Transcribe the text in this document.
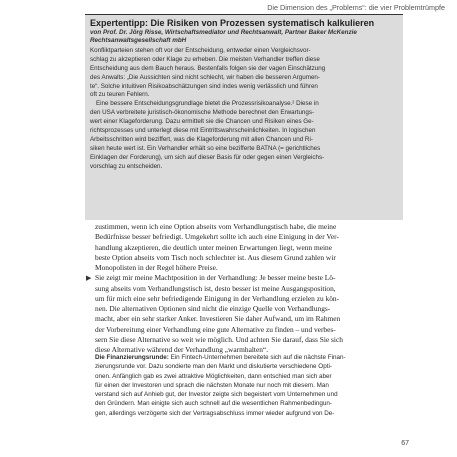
Die Dimension des „Problems“: die vier Problemtrümpfe
Expertentipp: Die Risiken von Prozessen systematisch kalkulieren
von Prof. Dr. Jörg Risse, Wirtschaftsmediator und Rechtsanwalt, Partner Baker McKenzie Rechtsanwaltsgesellschaft mbH
Konfliktparteien stehen oft vor der Entscheidung, entweder einen Vergleichsvor-
schlag zu akzeptieren oder Klage zu erheben. Die meisten Verhandler treffen diese
Entscheidung aus dem Bauch heraus. Bestenfalls folgen sie der vagen Einschätzung
des Anwalts: „Die Aussichten sind nicht schlecht, wir haben die besseren Argumen-
te“. Solche intuitiven Risikoabschätzungen sind indes wenig verlässlich und führen
oft zu teuren Fehlern.
Eine bessere Entscheidungsgrundlage bietet die Prozessrisikoanalyse.² Diese in
den USA verbreitete juristisch-ökonomische Methode berechnet den Erwartungs-
wert einer Klageforderung. Dazu ermittelt sie die Chancen und Risiken eines Ge-
richtsprozesses und unterlegt diese mit Eintrittswahrscheinlichkeiten. In logischen
Arbeitsschritten wird beziffert, was die Klageforderung mit allen Chancen und Ri-
siken heute wert ist. Ein Verhandler erhält so eine bezifferte BATNA (= gerichtliches
Einklagen der Forderung), um sich auf dieser Basis für oder gegen einen Vergleichs-
vorschlag zu entscheiden.
zustimmen, wenn ich eine Option abseits vom Verhandlungstisch habe, die meine
Bedürfnisse besser befriedigt. Umgekehrt sollte ich auch eine Einigung in der Ver-
handlung akzeptieren, die deutlich unter meinen Erwartungen liegt, wenn meine
beste Option abseits vom Tisch noch schlechter ist. Aus diesem Grund zahlen wir
Monopolisten in der Regel höhere Preise.
▶ Sie zeigt mir meine Machtposition in der Verhandlung: Je besser meine beste Lö-
sung abseits vom Verhandlungstisch ist, desto besser ist meine Ausgangsposition,
um für mich eine sehr befriedigende Einigung in der Verhandlung erzielen zu kön-
nen. Die alternativen Optionen sind nicht die einzige Quelle von Verhandlungs-
macht, aber ein sehr starker Anker. Investieren Sie daher Aufwand, um im Rahmen
der Vorbereitung einer Verhandlung eine gute Alternative zu finden – und verbes-
sern Sie diese Alternative so weit wie möglich. Und achten Sie darauf, dass Sie sich
diese Alternative während der Verhandlung „warmhalten“.
Die Finanzierungsrunde: Ein Fintech-Unternehmen bereitete sich auf die nächste Finan-
zierungsrunde vor. Dazu sondierte man den Markt und diskutierte verschiedene Opti-
onen. Anfänglich gab es zwei attraktive Möglichkeiten, dann entschied man sich aber
für einen der Investoren und sprach die nächsten Monate nur noch mit diesem. Man
verstand sich auf Anhieb gut, der Investor zeigte sich begeistert vom Unternehmen und
den Gründern. Man einigte sich auch schnell auf die wesentlichen Rahmenbedingun-
gen, allerdings verzögerte sich der Vertragsabschluss immer wieder aufgrund von De-
67
